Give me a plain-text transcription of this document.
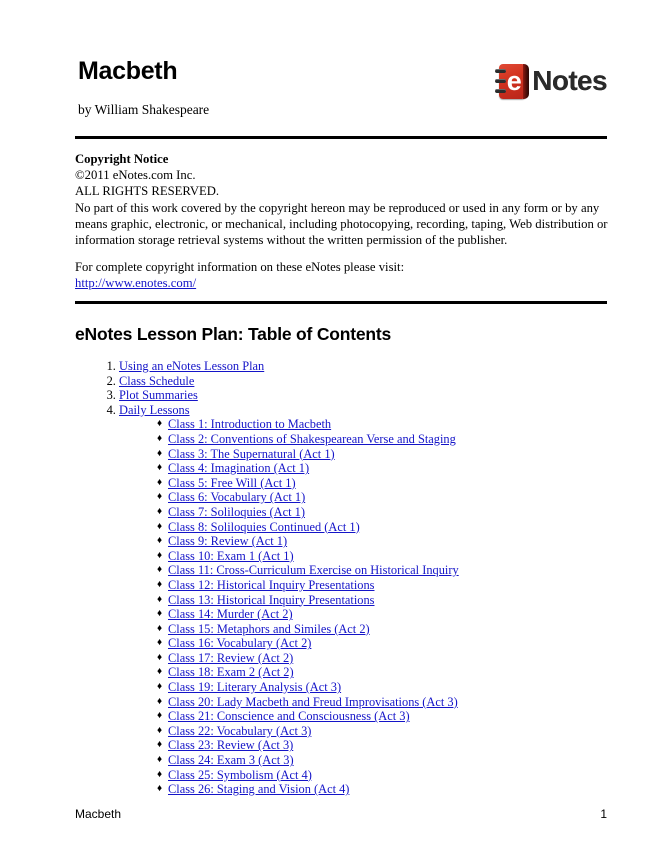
Macbeth
by William Shakespeare
e Notes

Copyright Notice

©2011 eNotes.com Inc.

ALL RIGHTS RESERVED.

No part of this work covered by the copyright hereon may be reproduced or used in any form or by any means graphic, electronic, or mechanical, including photocopying, recording, taping, Web distribution or information storage retrieval systems without the written permission of the publisher.

For complete copyright information on these eNotes please visit:

http://www.enotes.com/

eNotes Lesson Plan: Table of Contents
1. Using an eNotes Lesson Plan
2. Class Schedule
3. Plot Summaries
4. Daily Lessons
♦ Class 1: Introduction to Macbeth
♦ Class 2: Conventions of Shakespearean Verse and Staging
♦ Class 3: The Supernatural (Act 1)
♦ Class 4: Imagination (Act 1)
♦ Class 5: Free Will (Act 1)
♦ Class 6: Vocabulary (Act 1)
♦ Class 7: Soliloquies (Act 1)
♦ Class 8: Soliloquies Continued (Act 1)
♦ Class 9: Review (Act 1)
♦ Class 10: Exam 1 (Act 1)
♦ Class 11: Cross-Curriculum Exercise on Historical Inquiry
♦ Class 12: Historical Inquiry Presentations
♦ Class 13: Historical Inquiry Presentations
♦ Class 14: Murder (Act 2)
♦ Class 15: Metaphors and Similes (Act 2)
♦ Class 16: Vocabulary (Act 2)
♦ Class 17: Review (Act 2)
♦ Class 18: Exam 2 (Act 2)
♦ Class 19: Literary Analysis (Act 3)
♦ Class 20: Lady Macbeth and Freud Improvisations (Act 3)
♦ Class 21: Conscience and Consciousness (Act 3)
♦ Class 22: Vocabulary (Act 3)
♦ Class 23: Review (Act 3)
♦ Class 24: Exam 3 (Act 3)
♦ Class 25: Symbolism (Act 4)
♦ Class 26: Staging and Vision (Act 4)
Macbeth	1
